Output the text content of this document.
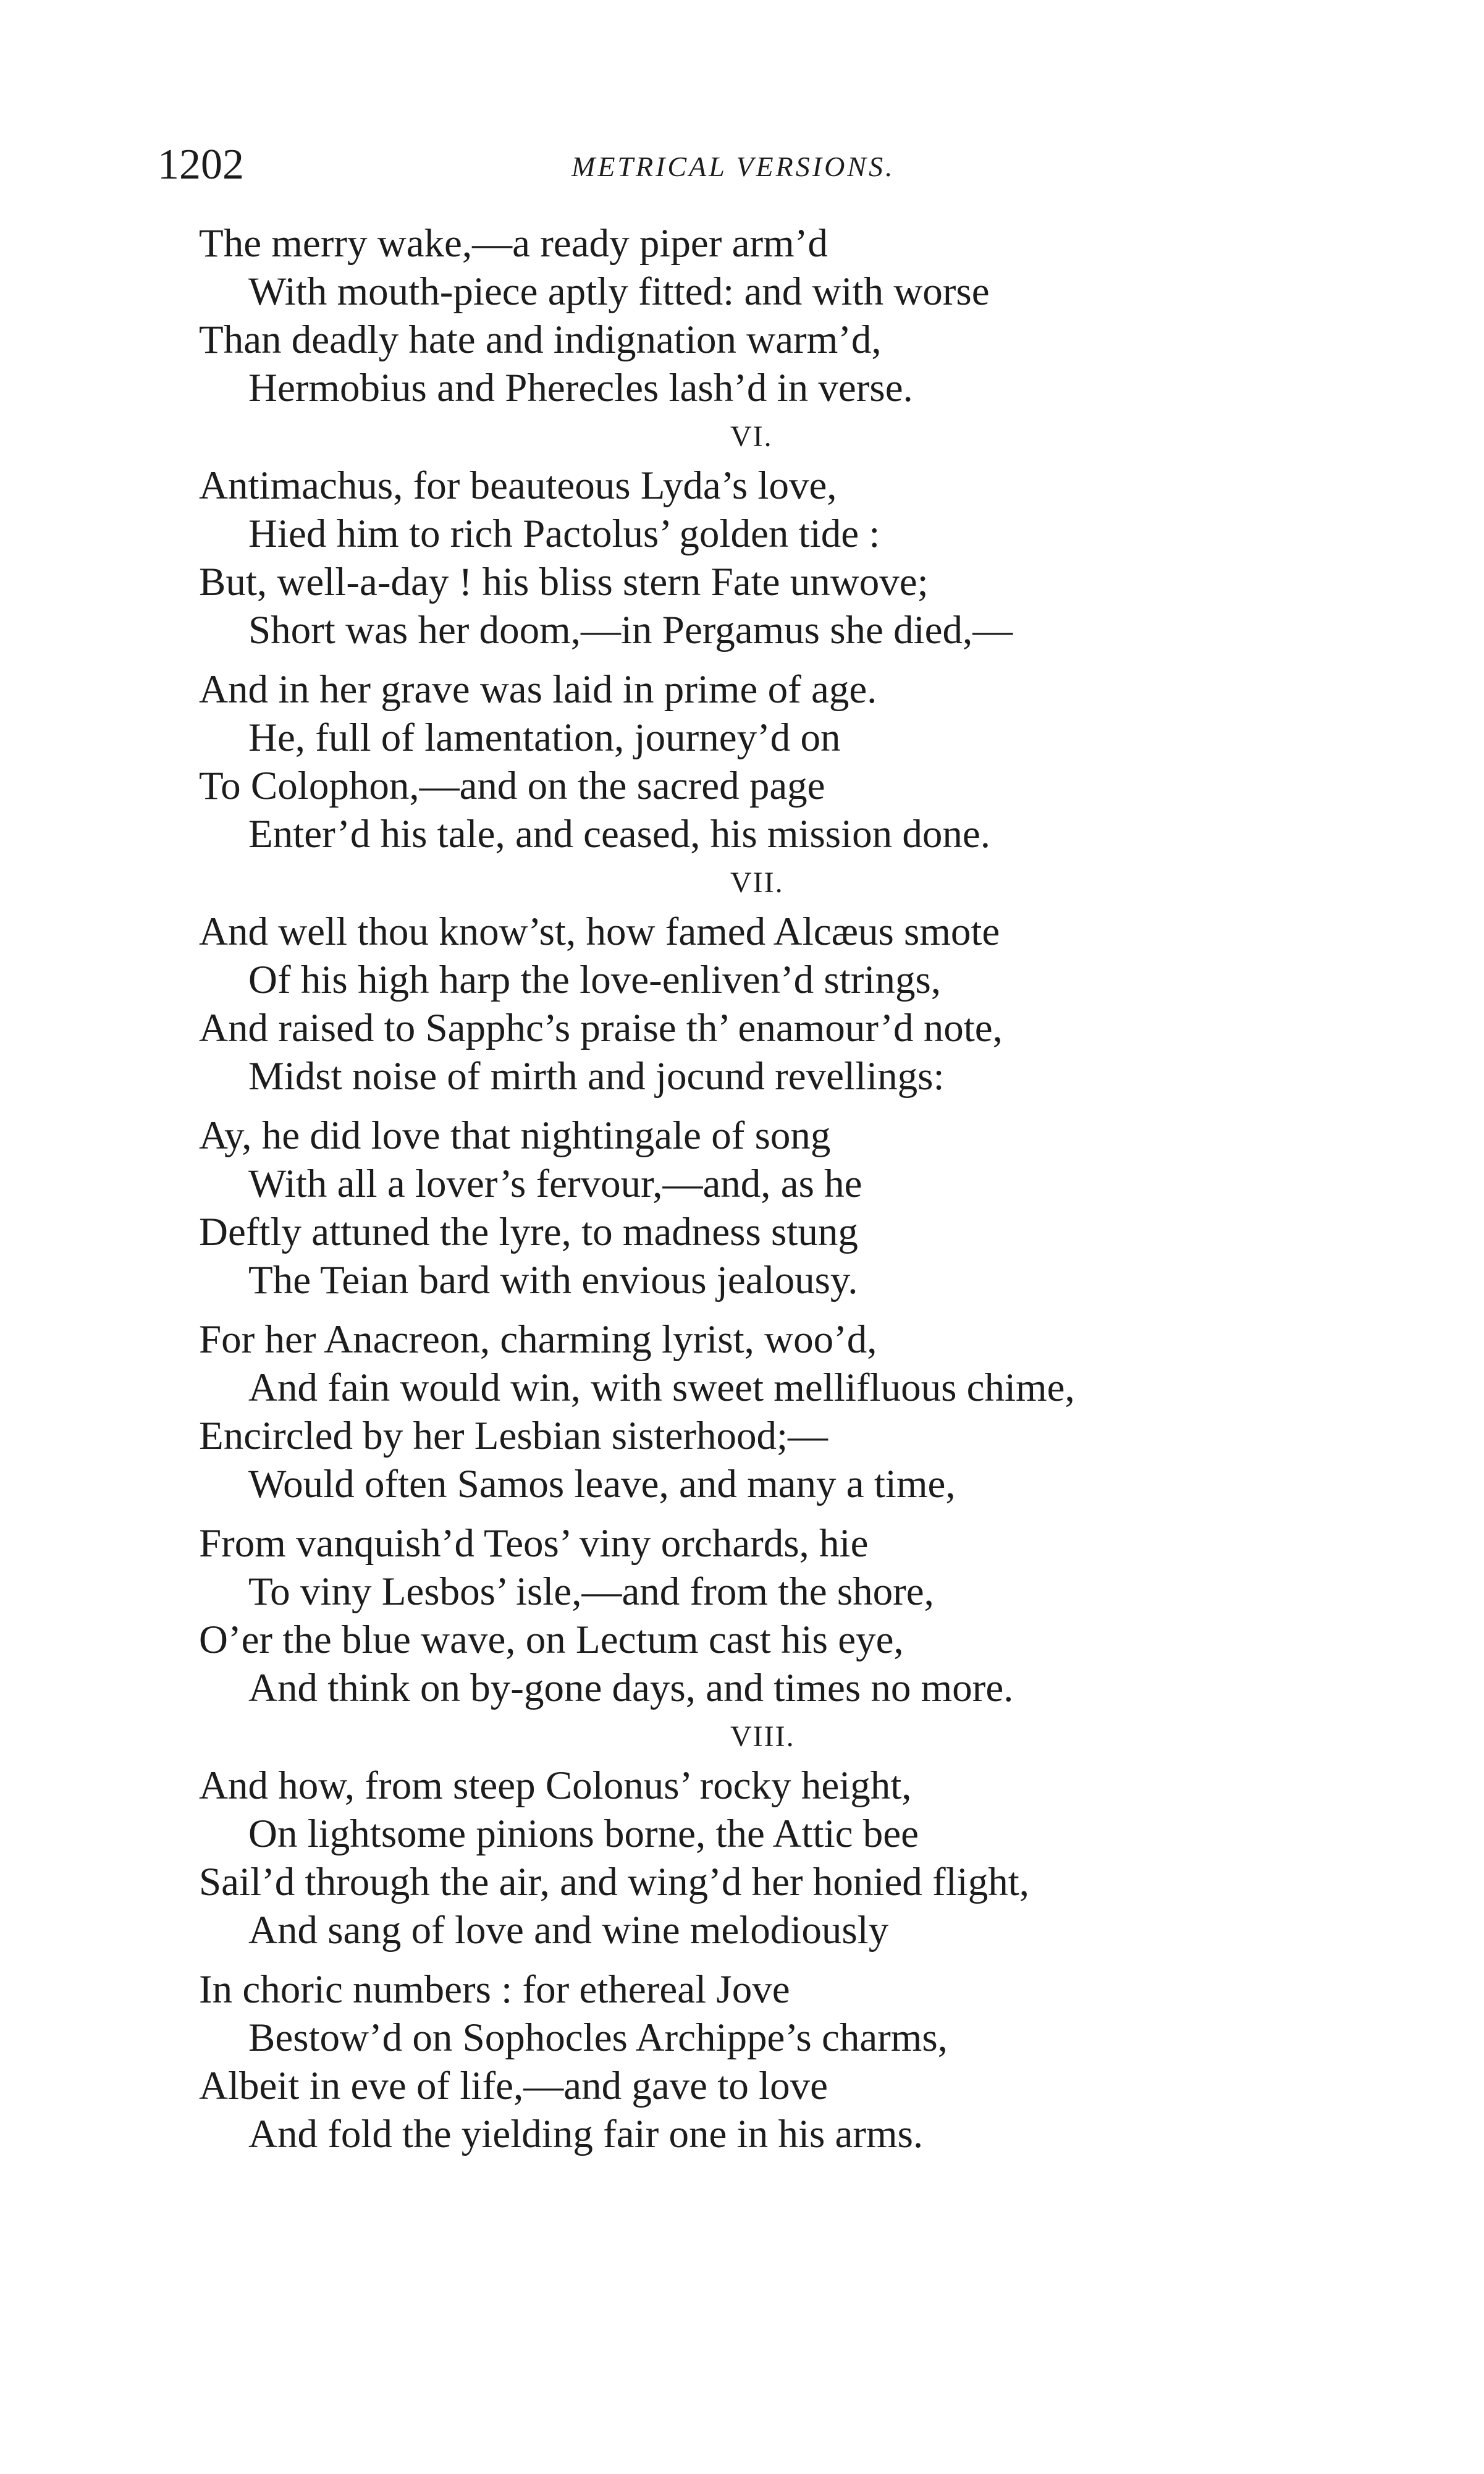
1202	METRICAL VERSIONS.
The merry wake,—a ready piper arm’d
With mouth-piece aptly fitted: and with worse
Than deadly hate and indignation warm’d,
Hermobius and Pherecles lash’d in verse.
VI.
Antimachus, for beauteous Lyda’s love,
Hied him to rich Pactolus’ golden tide :
But, well-a-day ! his bliss stern Fate unwove;
Short was her doom,—in Pergamus she died,—
And in her grave was laid in prime of age.
He, full of lamentation, journey’d on
To Colophon,—and on the sacred page
Enter’d his tale, and ceased, his mission done.
VII.
And well thou know’st, how famed Alcæus smote
Of his high harp the love-enliven’d strings,
And raised to Sapphc’s praise th’ enamour’d note,
Midst noise of mirth and jocund revellings:
Ay, he did love that nightingale of song
With all a lover’s fervour,—and, as he
Deftly attuned the lyre, to madness stung
The Teian bard with envious jealousy.
For her Anacreon, charming lyrist, woo’d,
And fain would win, with sweet mellifluous chime,
Encircled by her Lesbian sisterhood;—
Would often Samos leave, and many a time,
From vanquish’d Teos’ viny orchards, hie
To viny Lesbos’ isle,—and from the shore,
O’er the blue wave, on Lectum cast his eye,
And think on by-gone days, and times no more.
VIII.
And how, from steep Colonus’ rocky height,
On lightsome pinions borne, the Attic bee
Sail’d through the air, and wing’d her honied flight,
And sang of love and wine melodiously
In choric numbers : for ethereal Jove
Bestow’d on Sophocles Archippe’s charms,
Albeit in eve of life,—and gave to love
And fold the yielding fair one in his arms.
